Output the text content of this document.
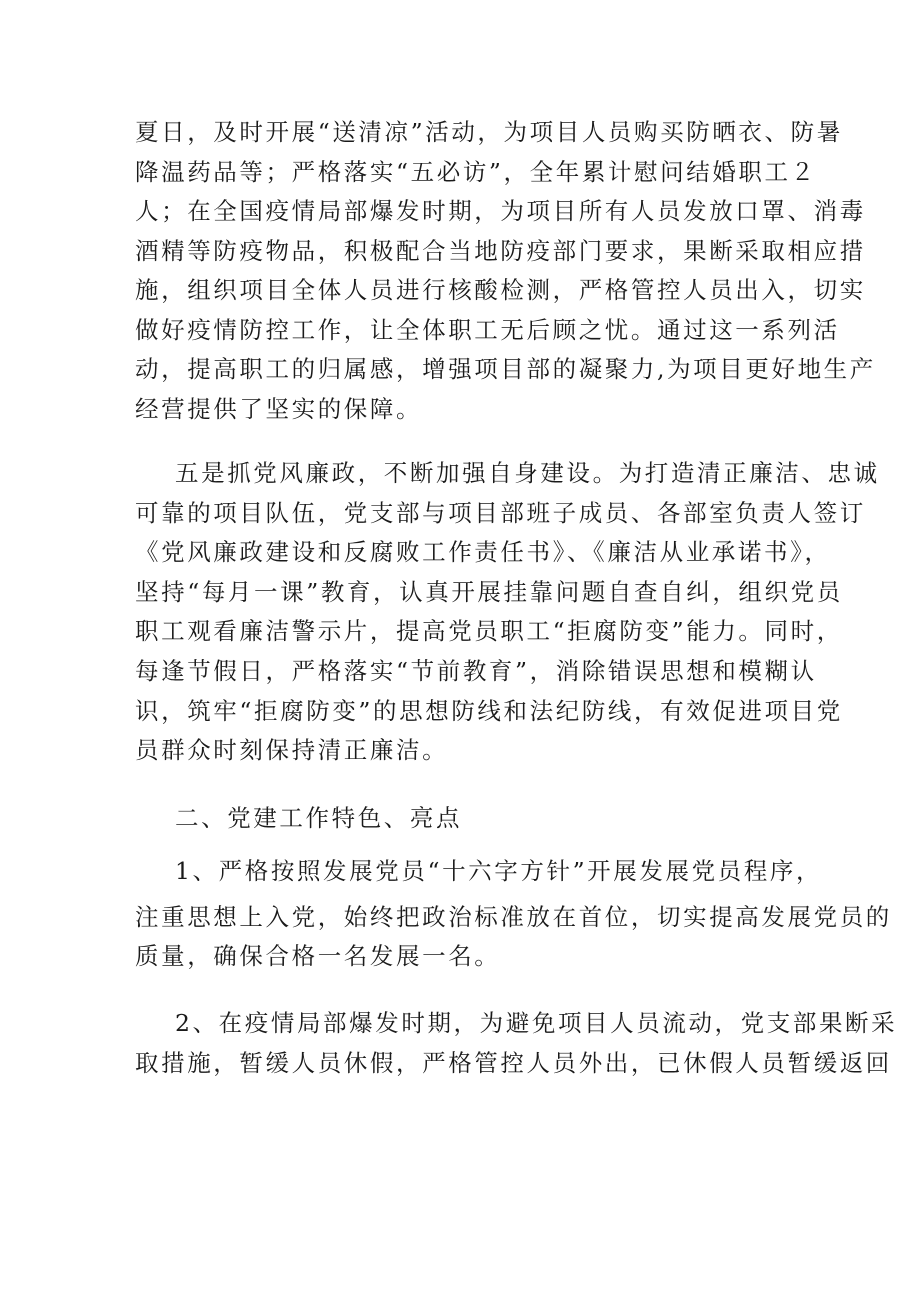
夏日，及时开展“送清凉”活动，为项目人员购买防晒衣、防暑
降温药品等；严格落实“五必访”，全年累计慰问结婚职工２
人；在全国疫情局部爆发时期，为项目所有人员发放口罩、消毒
酒精等防疫物品，积极配合当地防疫部门要求，果断采取相应措
施，组织项目全体人员进行核酸检测，严格管控人员出入，切实
做好疫情防控工作，让全体职工无后顾之忧。通过这一系列活
动，提高职工的归属感，增强项目部的凝聚力,为项目更好地生产
经营提供了坚实的保障。
五是抓党风廉政，不断加强自身建设。为打造清正廉洁、忠诚
可靠的项目队伍，党支部与项目部班子成员、各部室负责人签订
《党风廉政建设和反腐败工作责任书》、《廉洁从业承诺书》，
坚持“每月一课”教育，认真开展挂靠问题自查自纠，组织党员
职工观看廉洁警示片，提高党员职工“拒腐防变”能力。同时，
每逢节假日，严格落实“节前教育”，消除错误思想和模糊认
识，筑牢“拒腐防变”的思想防线和法纪防线，有效促进项目党
员群众时刻保持清正廉洁。
二、党建工作特色、亮点
1、严格按照发展党员“十六字方针”开展发展党员程序，
注重思想上入党，始终把政治标准放在首位，切实提高发展党员的
质量，确保合格一名发展一名。
2、在疫情局部爆发时期，为避免项目人员流动，党支部果断采
取措施，暂缓人员休假，严格管控人员外出，已休假人员暂缓返回
